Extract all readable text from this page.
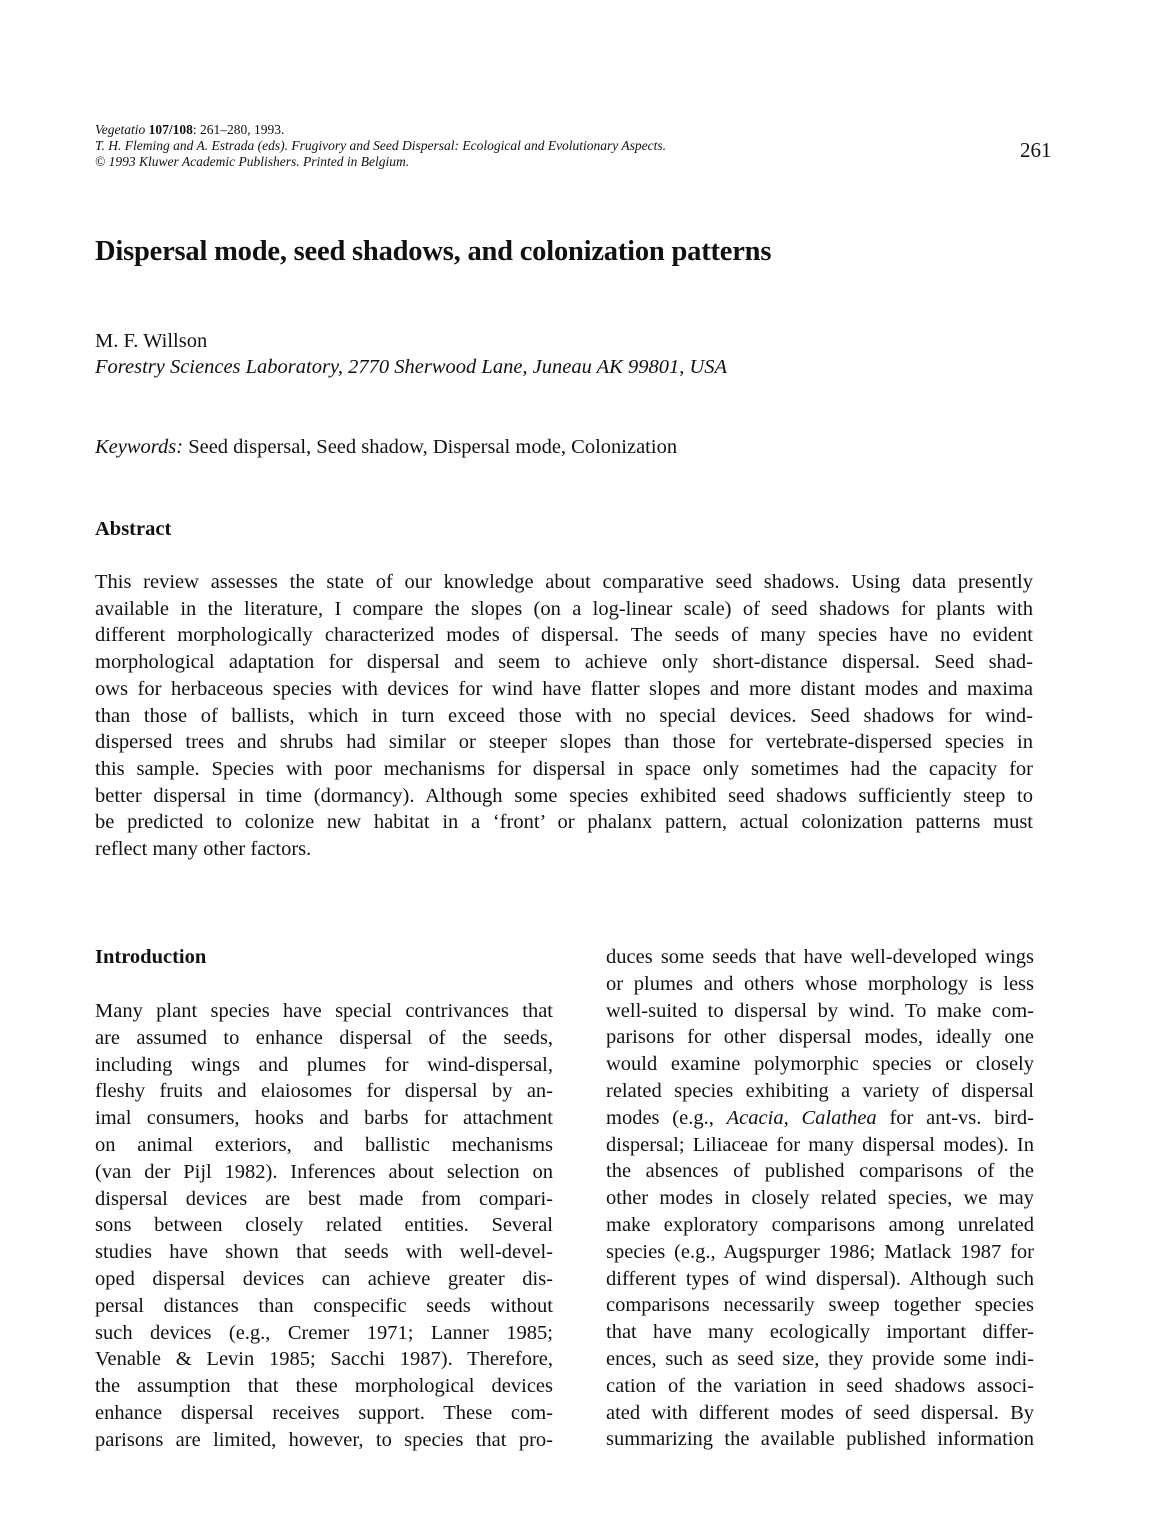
Vegetatio 107/108: 261–280, 1993.
T. H. Fleming and A. Estrada (eds). Frugivory and Seed Dispersal: Ecological and Evolutionary Aspects.
© 1993 Kluwer Academic Publishers. Printed in Belgium.	261
Dispersal mode, seed shadows, and colonization patterns
M. F. Willson
Forestry Sciences Laboratory, 2770 Sherwood Lane, Juneau AK 99801, USA
Keywords: Seed dispersal, Seed shadow, Dispersal mode, Colonization
Abstract
This review assesses the state of our knowledge about comparative seed shadows. Using data presently
available in the literature, I compare the slopes (on a log-linear scale) of seed shadows for plants with
different morphologically characterized modes of dispersal. The seeds of many species have no evident
morphological adaptation for dispersal and seem to achieve only short-distance dispersal. Seed shad-
ows for herbaceous species with devices for wind have flatter slopes and more distant modes and maxima
than those of ballists, which in turn exceed those with no special devices. Seed shadows for wind-
dispersed trees and shrubs had similar or steeper slopes than those for vertebrate-dispersed species in
this sample. Species with poor mechanisms for dispersal in space only sometimes had the capacity for
better dispersal in time (dormancy). Although some species exhibited seed shadows sufficiently steep to
be predicted to colonize new habitat in a ‘front’ or phalanx pattern, actual colonization patterns must
reflect many other factors.
Introduction
Many plant species have special contrivances that
are assumed to enhance dispersal of the seeds,
including wings and plumes for wind-dispersal,
fleshy fruits and elaiosomes for dispersal by an-
imal consumers, hooks and barbs for attachment
on animal exteriors, and ballistic mechanisms
(van der Pijl 1982). Inferences about selection on
dispersal devices are best made from compari-
sons between closely related entities. Several
studies have shown that seeds with well-devel-
oped dispersal devices can achieve greater dis-
persal distances than conspecific seeds without
such devices (e.g., Cremer 1971; Lanner 1985;
Venable & Levin 1985; Sacchi 1987). Therefore,
the assumption that these morphological devices
enhance dispersal receives support. These com-
parisons are limited, however, to species that pro-
duces some seeds that have well-developed wings
or plumes and others whose morphology is less
well-suited to dispersal by wind. To make com-
parisons for other dispersal modes, ideally one
would examine polymorphic species or closely
related species exhibiting a variety of dispersal
modes (e.g., Acacia, Calathea for ant-vs. bird-
dispersal; Liliaceae for many dispersal modes). In
the absences of published comparisons of the
other modes in closely related species, we may
make exploratory comparisons among unrelated
species (e.g., Augspurger 1986; Matlack 1987 for
different types of wind dispersal). Although such
comparisons necessarily sweep together species
that have many ecologically important differ-
ences, such as seed size, they provide some indi-
cation of the variation in seed shadows associ-
ated with different modes of seed dispersal. By
summarizing the available published information
